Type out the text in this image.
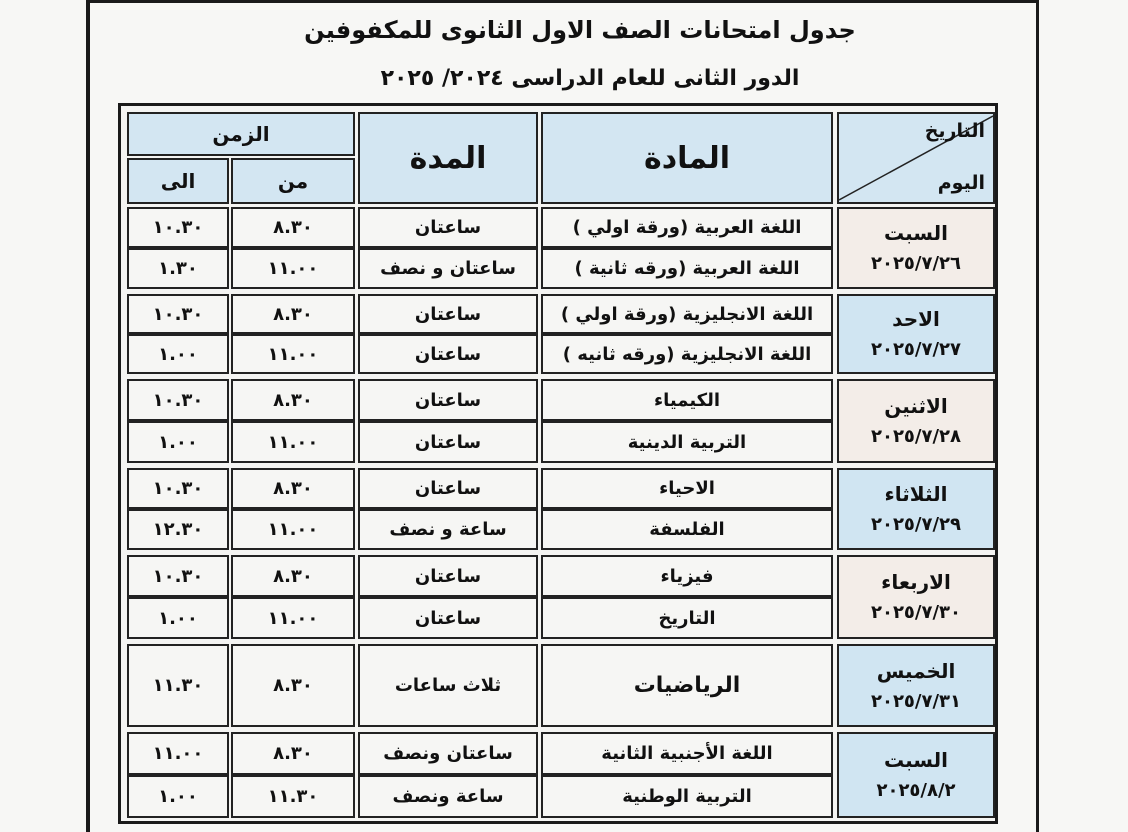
جدول امتحانات الصف الاول الثانوى للمكفوفين
الدور الثانى للعام الدراسى ٢٠٢٤/ ٢٠٢٥
التاريخ
اليوم
المادة
المدة
الزمن
من
الى
السبت
٢٠٢٥/٧/٢٦
اللغة العربية (ورقة اولي )
ساعتان
٨.٣٠
١٠.٣٠
اللغة العربية (ورقه ثانية )
ساعتان و نصف
١١.٠٠
١.٣٠
الاحد
٢٠٢٥/٧/٢٧
اللغة الانجليزية (ورقة اولي )
ساعتان
٨.٣٠
١٠.٣٠
اللغة الانجليزية (ورقه ثانيه )
ساعتان
١١.٠٠
١.٠٠
الاثنين
٢٠٢٥/٧/٢٨
الكيمياء
ساعتان
٨.٣٠
١٠.٣٠
التربية الدينية
ساعتان
١١.٠٠
١.٠٠
الثلاثاء
٢٠٢٥/٧/٢٩
الاحياء
ساعتان
٨.٣٠
١٠.٣٠
الفلسفة
ساعة و نصف
١١.٠٠
١٢.٣٠
الاربعاء
٢٠٢٥/٧/٣٠
فيزياء
ساعتان
٨.٣٠
١٠.٣٠
التاريخ
ساعتان
١١.٠٠
١.٠٠
الخميس
٢٠٢٥/٧/٣١
الرياضيات
ثلاث ساعات
٨.٣٠
١١.٣٠
السبت
٢٠٢٥/٨/٢
اللغة الأجنبية الثانية
ساعتان ونصف
٨.٣٠
١١.٠٠
التربية الوطنية
ساعة ونصف
١١.٣٠
١.٠٠
